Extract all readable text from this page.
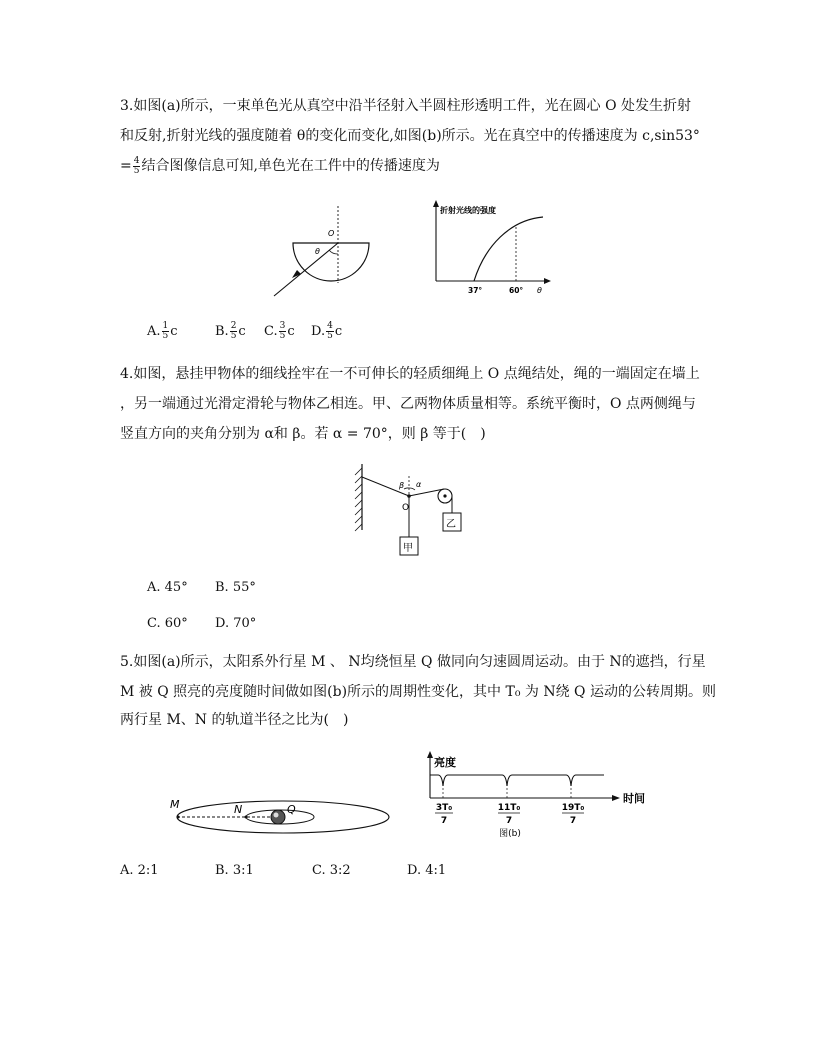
3.如图(a)所示，一束单色光从真空中沿半径射入半圆柱形透明工件，光在圆心 O 处发生折射
和反射,折射光线的强度随着 θ的变化而变化,如图(b)所示。光在真空中的传播速度为 c,sin53°
= $\frac{4}{5}$ 结合图像信息可知,单色光在工件中的传播速度为
θ
O
折射光线的强度
37°	60° θ
A. $\frac{1}{5}$ c	B. $\frac{2}{5}$ c C. $\frac{3}{5}$ c D. $\frac{4}{5}$ c
4.如图，悬挂甲物体的细线拴牢在一不可伸长的轻质细绳上 O 点绳结处，绳的一端固定在墙上
，另一端通过光滑定滑轮与物体乙相连。甲、乙两物体质量相等。系统平衡时，O 点两侧绳与
竖直方向的夹角分别为 α和 β。若 α = 70°，则 β 等于(　)
β α
O
甲
乙
A. 45° B. 55°
C. 60° D. 70°
5.如图(a)所示，太阳系外行星 M 、 N均绕恒星 Q 做同向匀速圆周运动。由于 N的遮挡，行星
M 被 Q 照亮的亮度随时间做如图(b)所示的周期性变化，其中 T₀ 为 N绕 Q 运动的公转周期。则
两行星 M、N 的轨道半径之比为(　)
M	N	Q
亮度
时间
3T₀
7
11T₀
7
19T₀
7
图(b)
A. 2:1	B. 3:1	C. 3:2	D. 4:1
